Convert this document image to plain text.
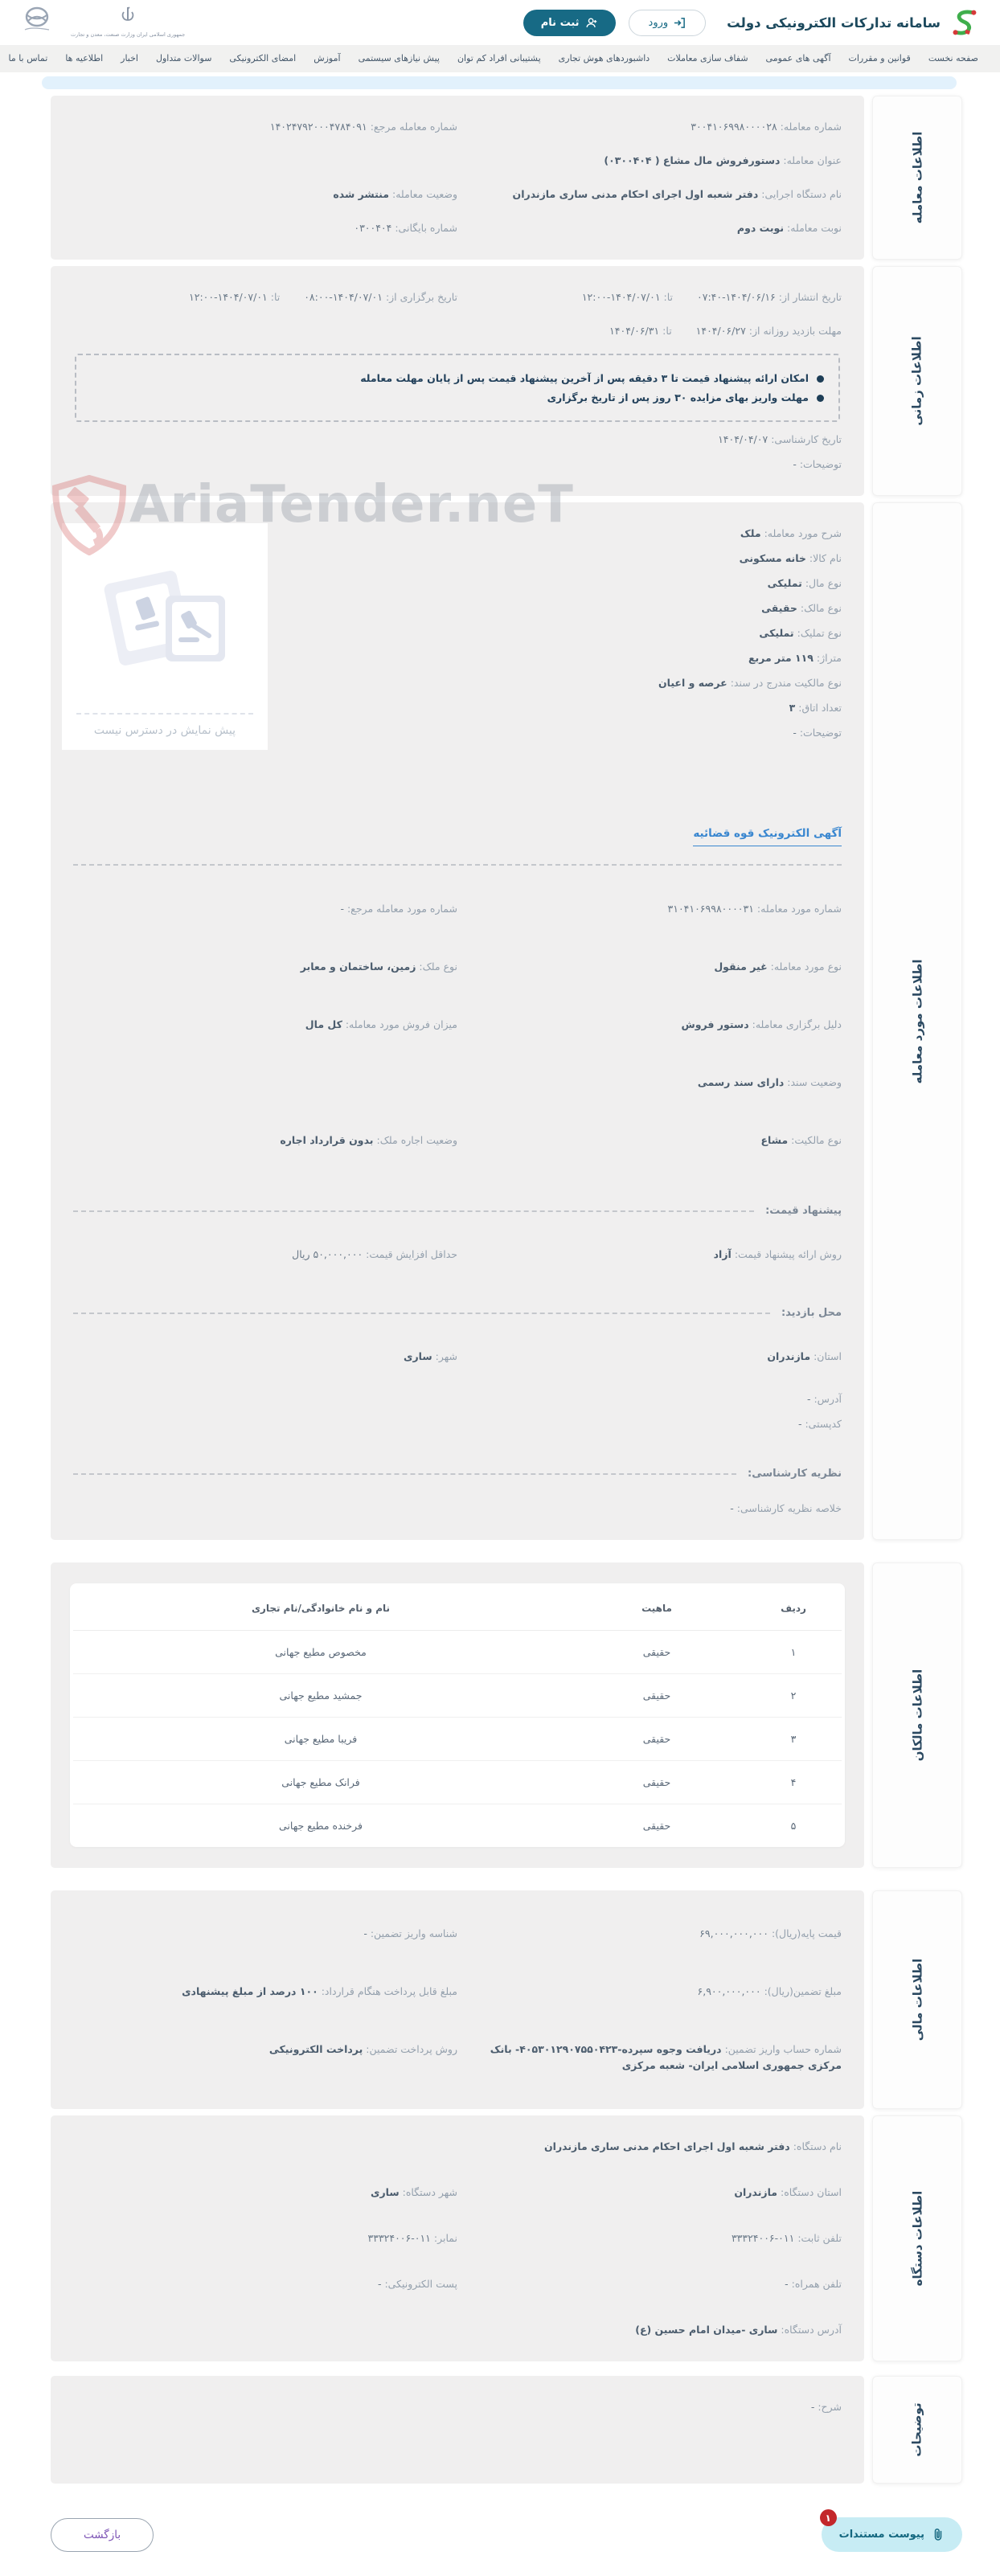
سامانه تدارکات الکترونیکی دولت
ورود
ثبت نام
جمهوری اسلامی ایران وزارت صنعت، معدن و تجارت
صفحه نخست
قوانین و مقررات
آگهی های عمومی
شفاف سازی معاملات
داشبوردهای هوش تجاری
پشتیبانی افراد کم توان
پیش نیازهای سیستمی
آموزش
امضای الکترونیکی
سوالات متداول
اخبار
اطلاعیه ها
تماس با ما
اطلاعات معامله
شماره معامله: ۳۰۰۴۱۰۶۹۹۸۰۰۰۰۲۸
شماره معامله مرجع: ۱۴۰۲۴۷۹۲۰۰۰۴۷۸۴۰۹۱
عنوان معامله: دستورفروش مال مشاع ( ۰۳۰۰۴۰۴)
نام دستگاه اجرایی: دفتر شعبه اول اجرای احکام مدنی ساری مازندران
وضعیت معامله: منتشر شده
نوبت معامله: نوبت دوم
شماره بایگانی: ۰۳۰۰۴۰۴
اطلاعات زمانی
تاریخ انتشار از: ۱۴۰۴/۰۶/۱۶-۰۷:۴۰ تا: ۱۴۰۴/۰۷/۰۱-۱۲:۰۰
تاریخ برگزاری از: ۱۴۰۴/۰۷/۰۱-۰۸:۰۰ تا: ۱۴۰۴/۰۷/۰۱-۱۲:۰۰
مهلت بازدید روزانه از: ۱۴۰۴/۰۶/۲۷ تا: ۱۴۰۴/۰۶/۳۱
امکان ارائه پیشنهاد قیمت تا ۳ دقیقه پس از آخرین پیشنهاد قیمت پس از پایان مهلت معامله
مهلت واریز بهای مزایده ۳۰ روز پس از تاریخ برگزاری
تاریخ کارشناسی: ۱۴۰۴/۰۴/۰۷
توضیحات: -
اطلاعات مورد معامله
AriaTender.neT
پیش نمایش در دسترس نیست
شرح مورد معامله: ملک
نام کالا: خانه مسکونی
نوع مال: تملیکی
نوع مالک: حقیقی
نوع تملیک: تملیکی
متراژ: ۱۱۹ متر مربع
نوع مالکیت مندرج در سند: عرصه و اعیان
تعداد اتاق: ۳
توضیحات: -
آگهی الکترونیک قوه قضائیه
شماره مورد معامله: ۳۱۰۴۱۰۶۹۹۸۰۰۰۰۳۱
شماره مورد معامله مرجع: -
نوع مورد معامله: غیر منقول
نوع ملک: زمین، ساختمان و معابر
دلیل برگزاری معامله: دستور فروش
میزان فروش مورد معامله: کل مال
وضعیت سند: دارای سند رسمی
نوع مالکیت: مشاع
وضعیت اجاره ملک: بدون قرارداد اجاره
پیشنهاد قیمت:
روش ارائه پیشنهاد قیمت: آزاد
حداقل افزایش قیمت: ۵۰,۰۰۰,۰۰۰ ریال
محل بازدید:
استان: مازندران
شهر: ساری
آدرس: -
کدپستی: -
نظریه کارشناسی:
خلاصه نظریه کارشناسی: -
اطلاعات مالکان
ردیف	ماهیت	نام و نام خانوادگی/نام تجاری
۱	حقیقی	مخصوص مطیع جهانی
۲	حقیقی	جمشید مطیع جهانی
۳	حقیقی	فریبا مطیع جهانی
۴	حقیقی	فرانک مطیع جهانی
۵	حقیقی	فرخنده مطیع جهانی
اطلاعات مالی
قیمت پایه(ریال): ۶۹,۰۰۰,۰۰۰,۰۰۰
شناسه واریز تضمین: -
مبلغ تضمین(ریال): ۶,۹۰۰,۰۰۰,۰۰۰
مبلغ قابل پرداخت هنگام قرارداد: ۱۰۰ درصد از مبلغ پیشنهادی
شماره حساب واریز تضمین: دریافت وجوه سپرده-۴۰۵۳۰۱۲۹۰۷۵۵۰۴۲۳- بانک مرکزی جمهوری اسلامی ایران- شعبه مرکزی
روش پرداخت تضمین: پرداخت الکترونیکی
اطلاعات دستگاه
نام دستگاه: دفتر شعبه اول اجرای احکام مدنی ساری مازندران
استان دستگاه: مازندران
شهر دستگاه: ساری
تلفن ثابت: ۰۱۱-۳۳۳۲۴۰۰۶
نمابر: ۰۱۱-۳۳۳۲۴۰۰۶
تلفن همراه: -
پست الکترونیکی: -
آدرس دستگاه: ساری -میدان امام حسین (ع)
توضیحات
شرح: -
۱
پیوست مستندات
بازگشت
